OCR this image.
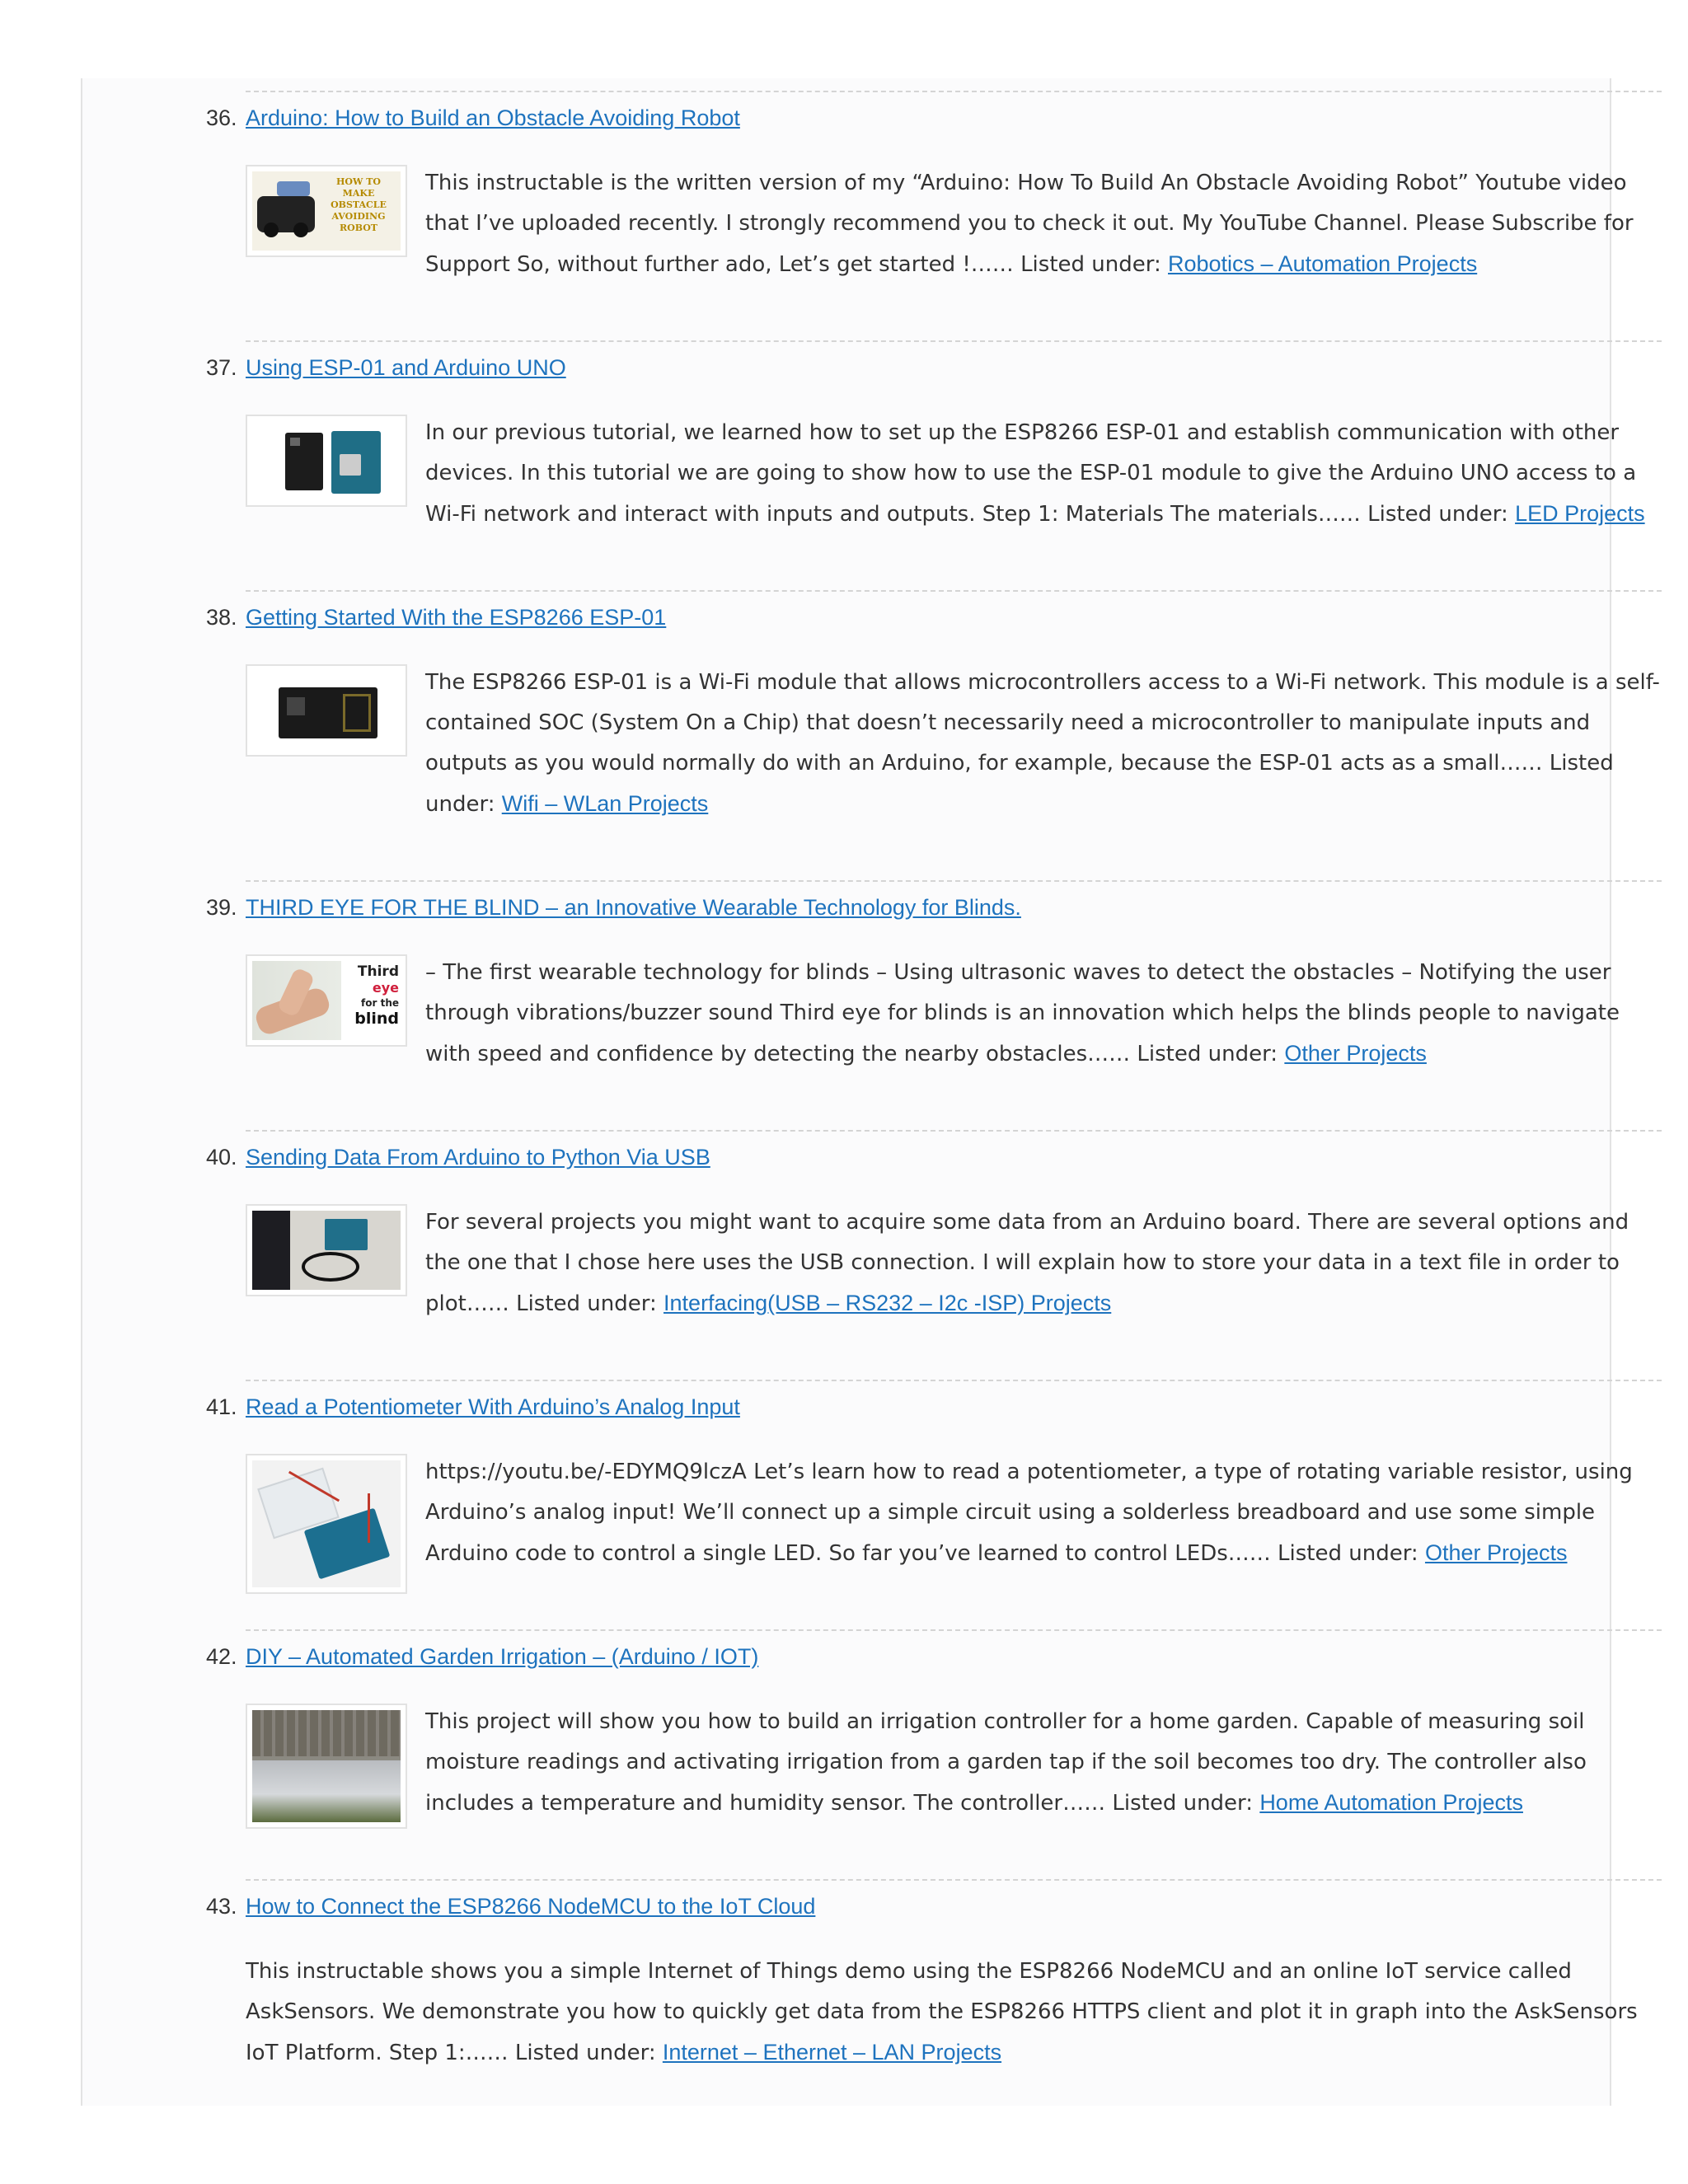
36. Arduino: How to Build an Obstacle Avoiding Robot
HOW TO MAKE
OBSTACLE AVOIDING
ROBOT
This instructable is the written version of my “Arduino: How To Build An Obstacle Avoiding Robot” Youtube video that I’ve uploaded recently. I strongly recommend you to check it out. My YouTube Channel. Please Subscribe for Support So, without further ado, Let’s get started !…… Listed under: Robotics – Automation Projects
37. Using ESP-01 and Arduino UNO
In our previous tutorial, we learned how to set up the ESP8266 ESP-01 and establish communication with other devices. In this tutorial we are going to show how to use the ESP-01 module to give the Arduino UNO access to a Wi-Fi network and interact with inputs and outputs. Step 1: Materials The materials…… Listed under: LED Projects
38. Getting Started With the ESP8266 ESP-01
The ESP8266 ESP-01 is a Wi-Fi module that allows microcontrollers access to a Wi-Fi network. This module is a self-contained SOC (System On a Chip) that doesn’t necessarily need a microcontroller to manipulate inputs and outputs as you would normally do with an Arduino, for example, because the ESP-01 acts as a small…… Listed under: Wifi – WLan Projects
39. THIRD EYE FOR THE BLIND – an Innovative Wearable Technology for Blinds.
Third
eye
for the
blind
– The first wearable technology for blinds – Using ultrasonic waves to detect the obstacles – Notifying the user through vibrations/buzzer sound Third eye for blinds is an innovation which helps the blinds people to navigate with speed and confidence by detecting the nearby obstacles…… Listed under: Other Projects
40. Sending Data From Arduino to Python Via USB
For several projects you might want to acquire some data from an Arduino board. There are several options and the one that I chose here uses the USB connection. I will explain how to store your data in a text file in order to plot…… Listed under: Interfacing(USB – RS232 – I2c -ISP) Projects
41. Read a Potentiometer With Arduino’s Analog Input
https://youtu.be/-EDYMQ9lczA Let’s learn how to read a potentiometer, a type of rotating variable resistor, using Arduino’s analog input! We’ll connect up a simple circuit using a solderless breadboard and use some simple Arduino code to control a single LED. So far you’ve learned to control LEDs…… Listed under: Other Projects
42. DIY – Automated Garden Irrigation – (Arduino / IOT)
This project will show you how to build an irrigation controller for a home garden. Capable of measuring soil moisture readings and activating irrigation from a garden tap if the soil becomes too dry. The controller also includes a temperature and humidity sensor. The controller…… Listed under: Home Automation Projects
43. How to Connect the ESP8266 NodeMCU to the IoT Cloud
This instructable shows you a simple Internet of Things demo using the ESP8266 NodeMCU and an online IoT service called AskSensors. We demonstrate you how to quickly get data from the ESP8266 HTTPS client and plot it in graph into the AskSensors IoT Platform. Step 1:…… Listed under: Internet – Ethernet – LAN Projects
